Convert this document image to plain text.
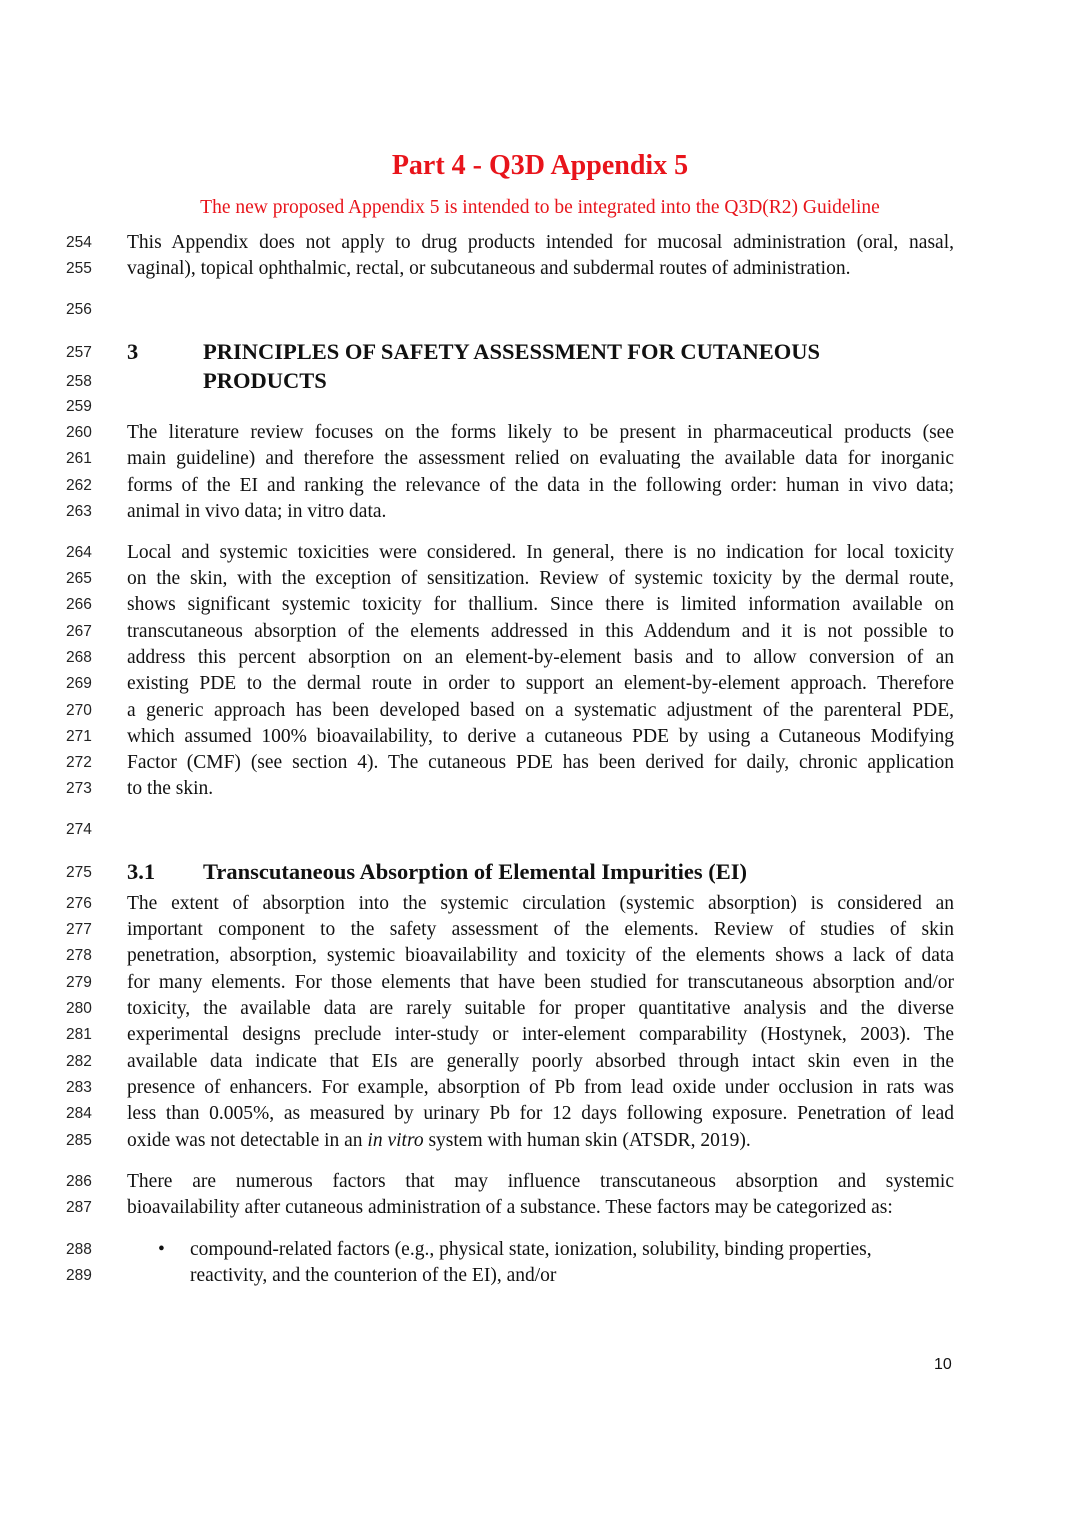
Part 4 - Q3D Appendix 5
The new proposed Appendix 5 is intended to be integrated into the Q3D(R2) Guideline
254
255
256
257
258
259
260
261
262
263
264
265
266
267
268
269
270
271
272
273
274
275
276
277
278
279
280
281
282
283
284
285
286
287
288
289
This Appendix does not apply to drug products intended for mucosal administration (oral, nasal,
vaginal), topical ophthalmic, rectal, or subcutaneous and subdermal routes of administration.
3	PRINCIPLES OF SAFETY ASSESSMENT FOR CUTANEOUS
PRODUCTS
The literature review focuses on the forms likely to be present in pharmaceutical products (see
main guideline) and therefore the assessment relied on evaluating the available data for inorganic
forms of the EI and ranking the relevance of the data in the following order: human in vivo data;
animal in vivo data; in vitro data.
Local and systemic toxicities were considered. In general, there is no indication for local toxicity
on the skin, with the exception of sensitization. Review of systemic toxicity by the dermal route,
shows significant systemic toxicity for thallium. Since there is limited information available on
transcutaneous absorption of the elements addressed in this Addendum and it is not possible to
address this percent absorption on an element-by-element basis and to allow conversion of an
existing PDE to the dermal route in order to support an element-by-element approach. Therefore
a generic approach has been developed based on a systematic adjustment of the parenteral PDE,
which assumed 100% bioavailability, to derive a cutaneous PDE by using a Cutaneous Modifying
Factor (CMF) (see section 4). The cutaneous PDE has been derived for daily, chronic application
to the skin.
3.1 Transcutaneous Absorption of Elemental Impurities (EI)
The extent of absorption into the systemic circulation (systemic absorption) is considered an
important component to the safety assessment of the elements. Review of studies of skin
penetration, absorption, systemic bioavailability and toxicity of the elements shows a lack of data
for many elements. For those elements that have been studied for transcutaneous absorption and/or
toxicity, the available data are rarely suitable for proper quantitative analysis and the diverse
experimental designs preclude inter-study or inter-element comparability (Hostynek, 2003). The
available data indicate that EIs are generally poorly absorbed through intact skin even in the
presence of enhancers. For example, absorption of Pb from lead oxide under occlusion in rats was
less than 0.005%, as measured by urinary Pb for 12 days following exposure. Penetration of lead
oxide was not detectable in an in vitro system with human skin (ATSDR, 2019).
There are numerous factors that may influence transcutaneous absorption and systemic
bioavailability after cutaneous administration of a substance. These factors may be categorized as:
• compound-related factors (e.g., physical state, ionization, solubility, binding properties,
reactivity, and the counterion of the EI), and/or
10
